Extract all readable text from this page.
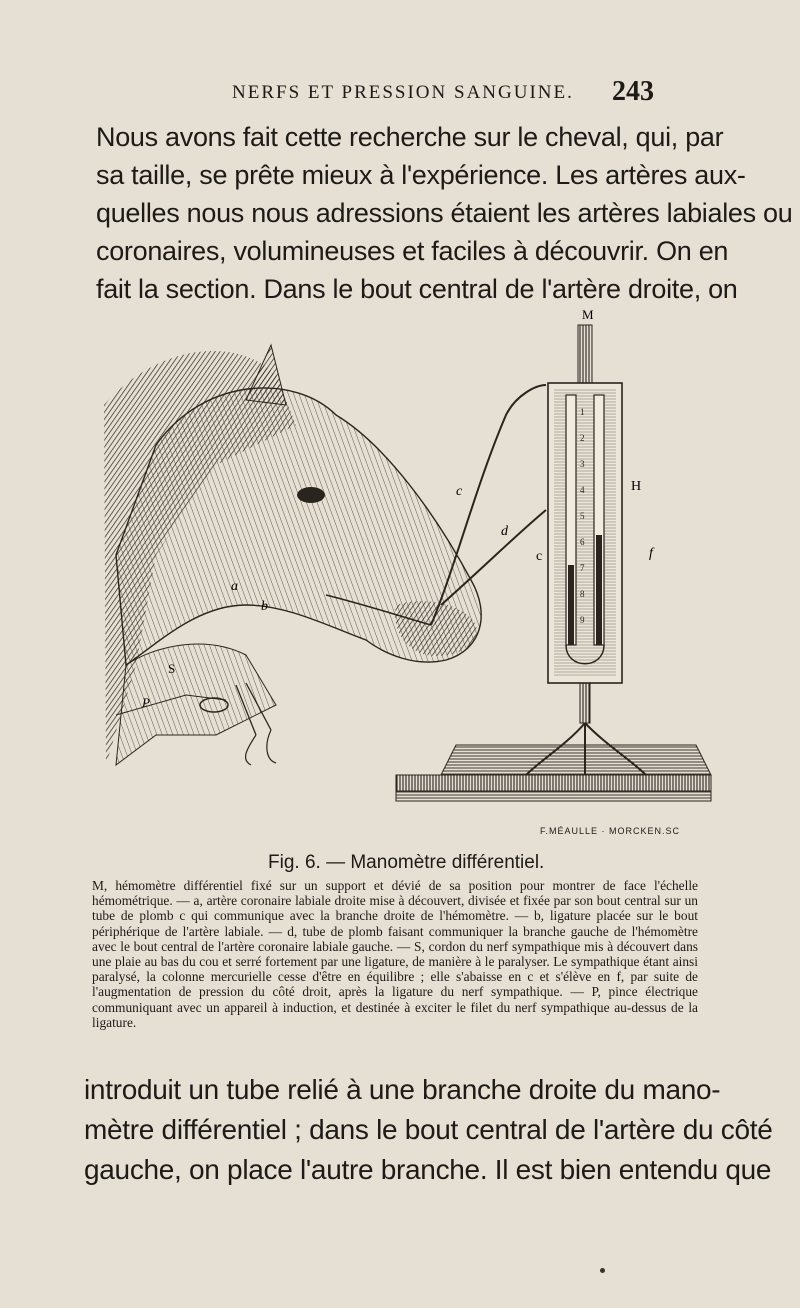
NERFS ET PRESSION SANGUINE. 243
Nous avons fait cette recherche sur le cheval, qui, par
sa taille, se prête mieux à l'expérience. Les artères aux-
quelles nous nous adressions étaient les artères labiales ou
coronaires, volumineuses et faciles à découvrir. On en
fait la section. Dans le bout central de l'artère droite, on
1
2
3
4
5
6
7
8
9
c
d
c
a
b
S
P
H
f
M
F.MÉAULLE · MORCKEN.SC
Fig. 6. — Manomètre différentiel.
M, hémomètre différentiel fixé sur un support et dévié de sa position pour montrer de face l'échelle hémométrique. — a, artère coronaire labiale droite mise à découvert, divisée et fixée par son bout central sur un tube de plomb c qui communique avec la branche droite de l'hémomètre. — b, ligature placée sur le bout périphérique de l'artère labiale. — d, tube de plomb faisant communiquer la branche gauche de l'hémomètre avec le bout central de l'artère coronaire labiale gauche. — S, cordon du nerf sympathique mis à découvert dans une plaie au bas du cou et serré fortement par une ligature, de manière à le paralyser. Le sympathique étant ainsi paralysé, la colonne mercurielle cesse d'être en équilibre ; elle s'abaisse en c et s'élève en f, par suite de l'augmentation de pression du côté droit, après la ligature du nerf sympathique. — P, pince électrique communiquant avec un appareil à induction, et destinée à exciter le filet du nerf sympathique au-dessus de la ligature.
introduit un tube relié à une branche droite du mano-
mètre différentiel ; dans le bout central de l'artère du côté
gauche, on place l'autre branche. Il est bien entendu que
